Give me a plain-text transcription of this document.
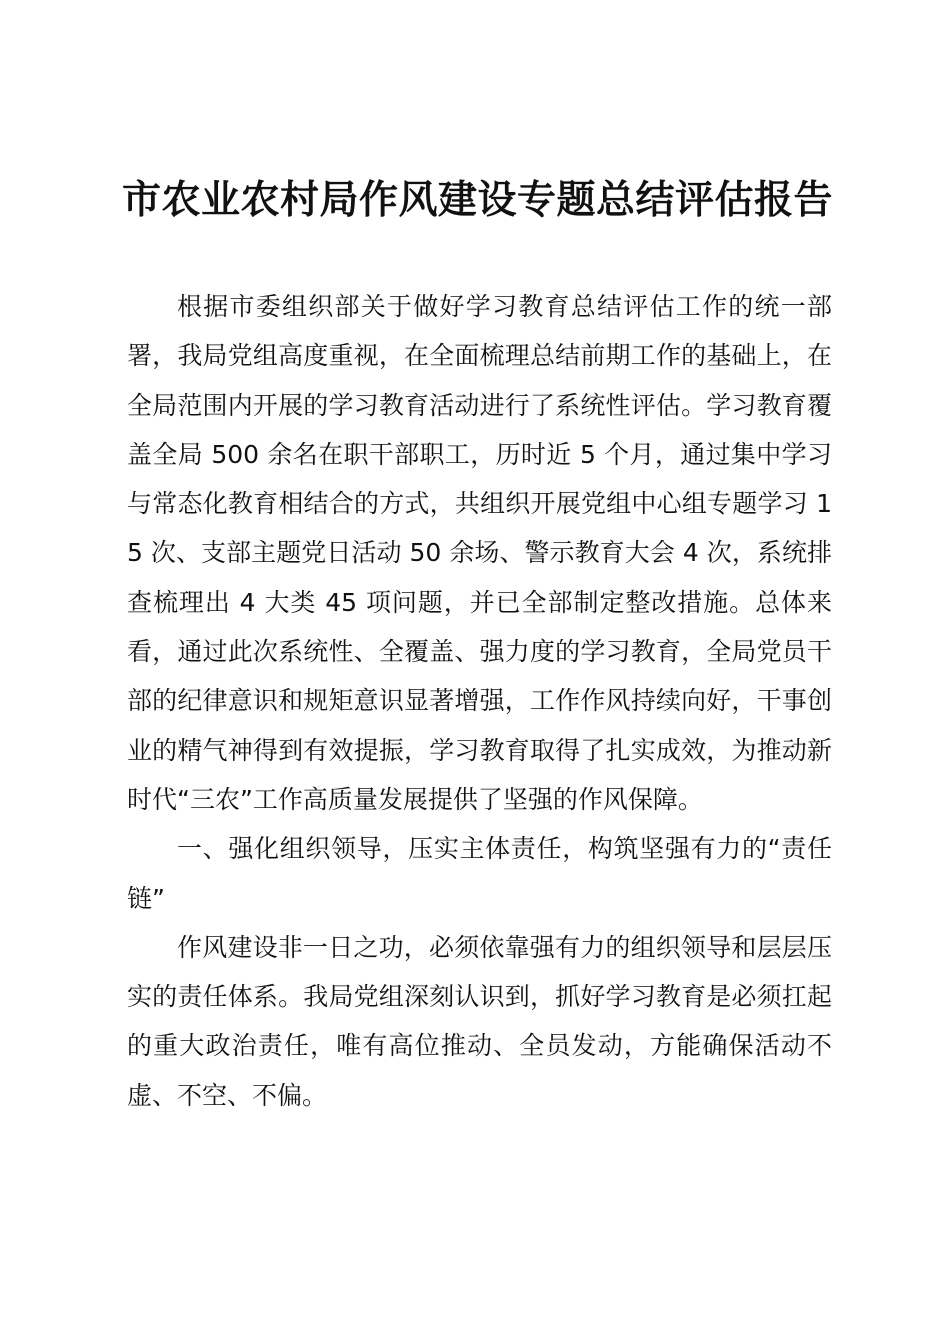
市农业农村局作风建设专题总结评估报告

根据市委组织部关于做好学习教育总结评估工作的统一部署，我局党组高度重视，在全面梳理总结前期工作的基础上，在全局范围内开展的学习教育活动进行了系统性评估。学习教育覆盖全局 500 余名在职干部职工，历时近 5 个月，通过集中学习与常态化教育相结合的方式，共组织开展党组中心组专题学习 15 次、支部主题党日活动 50 余场、警示教育大会 4 次，系统排查梳理出 4 大类 45 项问题，并已全部制定整改措施。总体来看，通过此次系统性、全覆盖、强力度的学习教育，全局党员干部的纪律意识和规矩意识显著增强，工作作风持续向好，干事创业的精气神得到有效提振，学习教育取得了扎实成效，为推动新时代“三农”工作高质量发展提供了坚强的作风保障。

一、强化组织领导，压实主体责任，构筑坚强有力的“责任链”

作风建设非一日之功，必须依靠强有力的组织领导和层层压实的责任体系。我局党组深刻认识到，抓好学习教育是必须扛起的重大政治责任，唯有高位推动、全员发动，方能确保活动不虚、不空、不偏。
